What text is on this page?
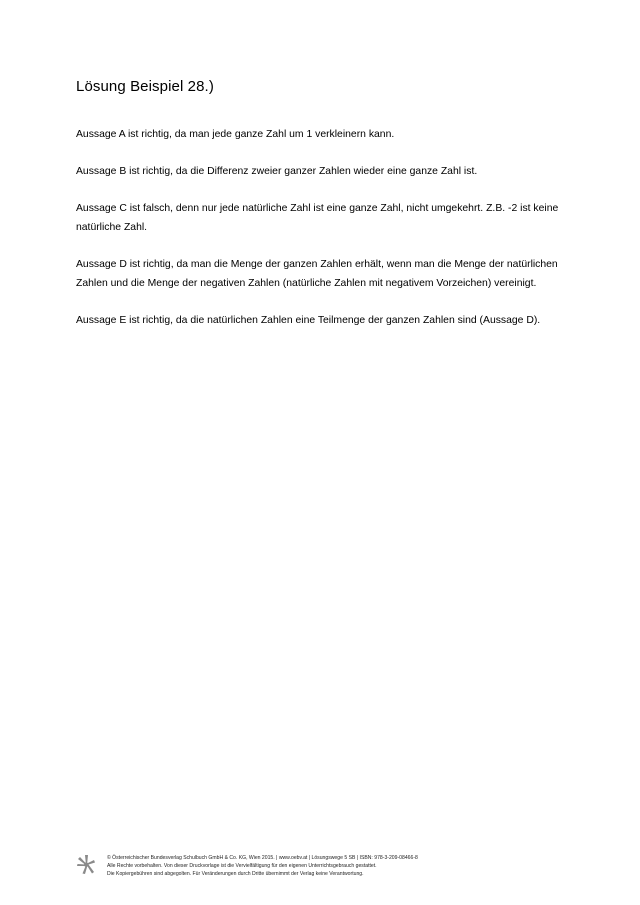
Lösung Beispiel 28.)

Aussage A ist richtig, da man jede ganze Zahl um 1 verkleinern kann.

Aussage B ist richtig, da die Differenz zweier ganzer Zahlen wieder eine ganze Zahl ist.

Aussage C ist falsch, denn nur jede natürliche Zahl ist eine ganze Zahl, nicht umgekehrt. Z.B. -2 ist keine natürliche Zahl.

Aussage D ist richtig, da man die Menge der ganzen Zahlen erhält, wenn man die Menge der natürlichen Zahlen und die Menge der negativen Zahlen (natürliche Zahlen mit negativem Vorzeichen) vereinigt.

Aussage E ist richtig, da die natürlichen Zahlen eine Teilmenge der ganzen Zahlen sind (Aussage D).

© Österreichischer Bundesverlag Schulbuch GmbH & Co. KG, Wien 2015. | www.oebv.at | Lösungswege 5 SB | ISBN: 978-3-209-08466-8
Alle Rechte vorbehalten. Von dieser Druckvorlage ist die Vervielfältigung für den eigenen Unterrichtsgebrauch gestattet.
Die Kopiergebühren sind abgegolten. Für Veränderungen durch Dritte übernimmt der Verlag keine Verantwortung.
